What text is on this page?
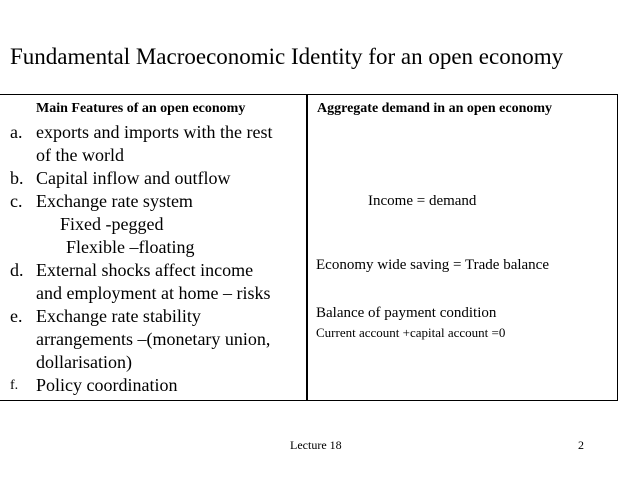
Fundamental Macroeconomic Identity for an open economy
Main Features of an open economy	Aggregate demand in an open economy
a. exports and imports with the rest
of the world
b. Capital inflow and outflow
c. Exchange rate system
Fixed -pegged
Flexible –floating
d. External shocks affect income
and employment at home – risks
e. Exchange rate stability
arrangements –(monetary union,
dollarisation)
f. Policy coordination
Income = demand
Economy wide saving = Trade balance
Balance of payment condition
Current account +capital account =0
Lecture 18	2
